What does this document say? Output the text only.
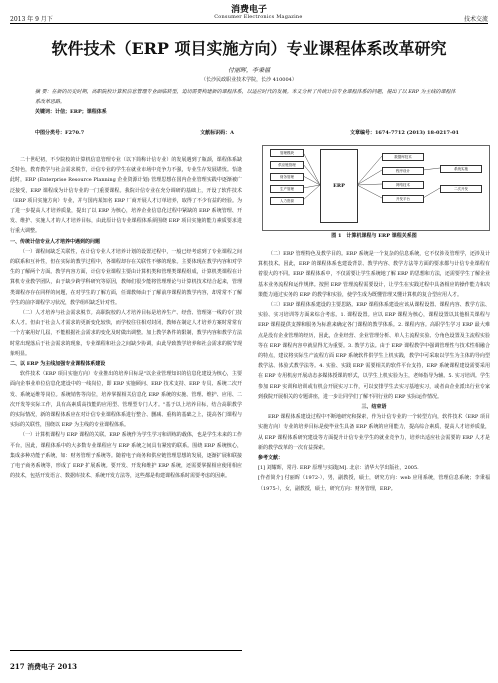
消费电子
2013 年 9 月下	Consumer Electronics Magazine	技术交流
软件技术（ERP 项目实施方向）专业课程体系改革研究
付丽晖，李秉福
（长沙民政职业技术学院，长沙 410004）
摘 要：在新的历史时期，高职院校计算机信息管理专业面临转型，迫切需要构建新的课程体系，以适应时代的发展。本文分析了传统计信专业课程体系的问题，提出了以 ERP 为主线的课程体系改革思路。
关键词：计信；ERP；课程体系
中图分类号：F270.7	文献标识码：A	文章编号：1674-7712 (2013) 18-0217-01

二十世纪初，不少院校的计算机信息管理专业（以下简称计信专业）的发展遇到了瓶颈，课程体系缺乏特色，教育教学与社会需求脱节，计信专业的学生在就业市场中竞争力不强，专业生存发展堪忧。恰逢此时，ERP (Enterprise Resource Planning 企业资源计划) 管理思想在国内企业管理实践中逐渐被广泛接受，ERP 课程成为计信专业的一门重要课程。我院计信专业在充分调研的基础上，开设了软件技术（ERP 项目实施方向）专业，并与国内某知名 ERP 厂商开展人才订单培养，取得了不少有益的经验。为了进一步提高人才培养质量，提出了以 ERP 为核心，培养企业信息化过程中紧缺的 ERP 系统管理、开发、维护、实施人才的人才培养目标，由此原计信专业课程体系须围绕 ERP 项目实施的能力素质要求进行重大调整。

一、传统计信专业人才培养中遇到的问题

（一）课程间缺乏关联性，在计信专业人才培养计划的设置过程中，一般已经考虑到了专业课程之间的联系和互补性，但在实际的教学过程中，各课程却存在关联性不够的现象。主要体现在教学内容和对学生的了解两个方面。教学内容方面，计信专业课程主要由计算机类和管理类课程组成，计算机类课程在计算机专业教学团队，由于缺少跨学科研究等原因，教师们很少能将管理理论与计算机技术结合起来，管理类课程亦存在同样的问题，在对学生的了解方面，任课教师由于了解前序课程的教学内容，却常常不了解学生的前序课程学习状况，教学组织缺乏针对性。

（二）人才培养与社会需求脱节。高职院校的人才培养目标是培养生产、经营、管理第一线的专门技术人才。但由于社会人才需求的更新变化较快，而学校往往相对封闭，教师在制定人才培养方案时常常有一个方案用好几届，不能根据社会需求的变化及时做出调整。加上教学条件的限制，教学内容和教学方法时常出现落后于社会需求的现象，专业课程和社会之间缺少协调，由此导致教学培养和社会需求的脱节现象明显。

二、以 ERP 为主线加强专业课程体系建设

软件技术（ERP 项目实施方向）专业推出的培养目标是"以企业管理知识的信息化建设为核心，主要面向企事业单位信息化建设中的一线岗位，即 ERP 实施顾问、ERP 技术支持、ERP 专员、系统二次开发、系统运维等岗位。系统销售等岗位，培养掌握相关信息化 ERP 系统的实施、管理、维护、应用、二次开发等实际工作，具有高素质高技能的应用型、管理型专门人才。"基于以上培养目标，结合高职教学的实际情况，新的课程体系应在对计信专业课程体系进行整合、删减、重构的基础之上，提高各门课程与实际的关联性，围绕以 ERP 为主线的专业课程体系。

（一）计算机课程与 ERP 课程的关联。ERP 系统作为学生学习和训练的载体，也是学生未来的工作平台，因此，课程体系中的大多数专业课程应与 ERP 系统之间具有紧密的联系。围绕 ERP 系统核心，集成多种功能子系统，如：财务管理子系统等。随着电子商务和供应链管理思想的发展，逐渐扩展和联接了电子商务系统等，形成了 ERP 扩展系统。要开发、开发和维护 ERP 系统，还需要掌握相应使用相应的技术，包括开发语言、数据库技术、系统开发方法等，这些都是构建课程体系时需要考虑的因素。

管理模块
ERP
供应链管理
财务管理
生产管理
人力资源
数据库技术
程序设计
网络技术
开发平台
系统实施
二次开发
图 1　计算机课程与 ERP 课程关系图

（二）ERP 管理特色及教学目的。ERP 系统是一个复杂的信息系统，它不仅涉及管理学，还涉及计算机技术。因此，ERP 的课程体系也建设背景、教学内容、教学方法等方面的要求都与计信专业课程有着很大的不同。ERP 课程体系中，不仅需要让学生系统地了解 ERP 的思想和方法，还需要学生了解企业基本业务流程和运作规律。按照 ERP 管理流程需要设计，让学生在实践过程中具备相应的操作能力和决策能力通过实务的 ERP 的教学和实验，使学生成为既懂管理又懂计算机的复合型应用人才。

（三）ERP 课程体系建设的主要思路。ERP 课程体系建设应该从课程设置、课程内容、教学方法、实验、实习培训等方面来综合考虑。1. 课程设置。应以 ERP 课程为核心，课程设置以其他相关课程与 ERP 课程提供支撑和服务为标准来确定各门课程的教学体系。2. 课程内容。高职学生学习 ERP 最大难点是没有企业管理的经历，因此，企业经营、企业管理分析、单人主流程实验、分角色设置及主流程实验等在 ERP 课程内容中就显得尤为重要。3. 教学方法。由于 ERP 课程教学中强调管理性与技术性相融合的特点，建议将实际生产流程方面 ERP 系统软件供学生上机实践，教学中可采取以学生为主体的导向型教学法、体验式教学法等。4. 实验、实践 ERP 需要相关的软件平台支持，ERP 系统课程建设需要采用在 ERP 专用机房开展动态多媒体授课的形式，以学生上机实验为主，老师指导为辅。5. 实习培训。学生参加 ERP 实训和培训或有机会开展实习工作，可以安排学生去实习基地实习，或者由企业派出行业专家到我院开展相关的专题讲座，进一步让同学们了解不同行业的 ERP 实际运作情况。

三、结束语

ERP 课程体系建设过程中不断地研究和探索，作为计信专业的一个转型方向，软件技术（ERP 项目实施方向）专业的培养目标是使毕业生具备 ERP 系统的应用能力，提高综合素质，提高人才培养质量，从 ERP 课程体系研究建设等方面提升计信专业学生的就业竞争力，培养出适应社会需要的 ERP 人才是新的教学改革的一次有益探索。

参考文献：

[1] 刘耀晖，常丹. ERP 原理与实践[M]. 北京：清华大学出版社，2005.

[作者简介] 付丽晖（1972-），男，副教授，硕士，研究方向：web 应用系统，管理信息系统；李秉福（1975-），女，副教授，硕士，研究方向：财务管理，ERP。

217 消费电子 2013
